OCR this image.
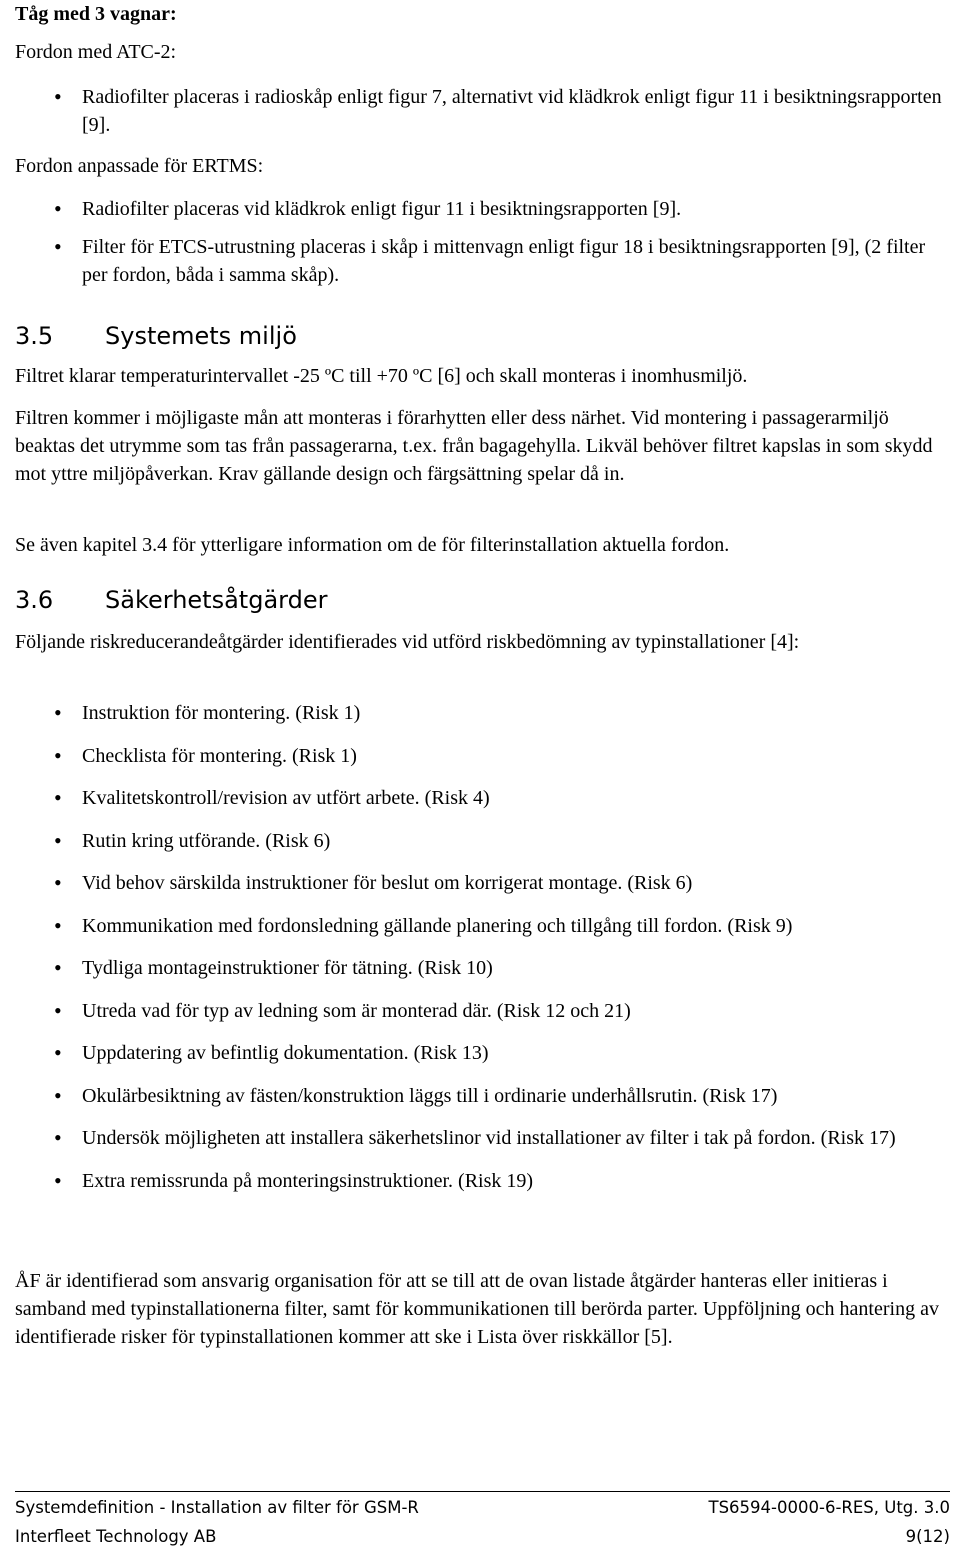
Tåg med 3 vagnar:

Fordon med ATC-2:

• Radiofilter placeras i radioskåp enligt figur 7, alternativt vid klädkrok enligt figur 11 i besiktningsrapporten [9].

Fordon anpassade för ERTMS:

• Radiofilter placeras vid klädkrok enligt figur 11 i besiktningsrapporten [9].
• Filter för ETCS-utrustning placeras i skåp i mittenvagn enligt figur 18 i besiktningsrapporten [9], (2 filter per fordon, båda i samma skåp).
3.5 Systemets miljö

Filtret klarar temperaturintervallet -25 ºC till +70 ºC [6] och skall monteras i inomhusmiljö.

Filtren kommer i möjligaste mån att monteras i förarhytten eller dess närhet. Vid montering i passagerarmiljö beaktas det utrymme som tas från passagerarna, t.ex. från bagagehylla. Likväl behöver filtret kapslas in som skydd mot yttre miljöpåverkan. Krav gällande design och färgsättning spelar då in.

Se även kapitel 3.4 för ytterligare information om de för filterinstallation aktuella fordon.

3.6 Säkerhetsåtgärder

Följande riskreducerandeåtgärder identifierades vid utförd riskbedömning av typinstallationer [4]:

• Instruktion för montering. (Risk 1)
• Checklista för montering. (Risk 1)
• Kvalitetskontroll/revision av utfört arbete. (Risk 4)
• Rutin kring utförande. (Risk 6)
• Vid behov särskilda instruktioner för beslut om korrigerat montage. (Risk 6)
• Kommunikation med fordonsledning gällande planering och tillgång till fordon. (Risk 9)
• Tydliga montageinstruktioner för tätning. (Risk 10)
• Utreda vad för typ av ledning som är monterad där. (Risk 12 och 21)
• Uppdatering av befintlig dokumentation. (Risk 13)
• Okulärbesiktning av fästen/konstruktion läggs till i ordinarie underhållsrutin. (Risk 17)
• Undersök möjligheten att installera säkerhetslinor vid installationer av filter i tak på fordon. (Risk 17)
• Extra remissrunda på monteringsinstruktioner. (Risk 19)

ÅF är identifierad som ansvarig organisation för att se till att de ovan listade åtgärder hanteras eller initieras i samband med typinstallationerna filter, samt för kommunikationen till berörda parter. Uppföljning och hantering av identifierade risker för typinstallationen kommer att ske i Lista över riskkällor [5].

Systemdefinition - Installation av filter för GSM-R	TS6594-0000-6-RES, Utg. 3.0
Interfleet Technology AB	9(12)
